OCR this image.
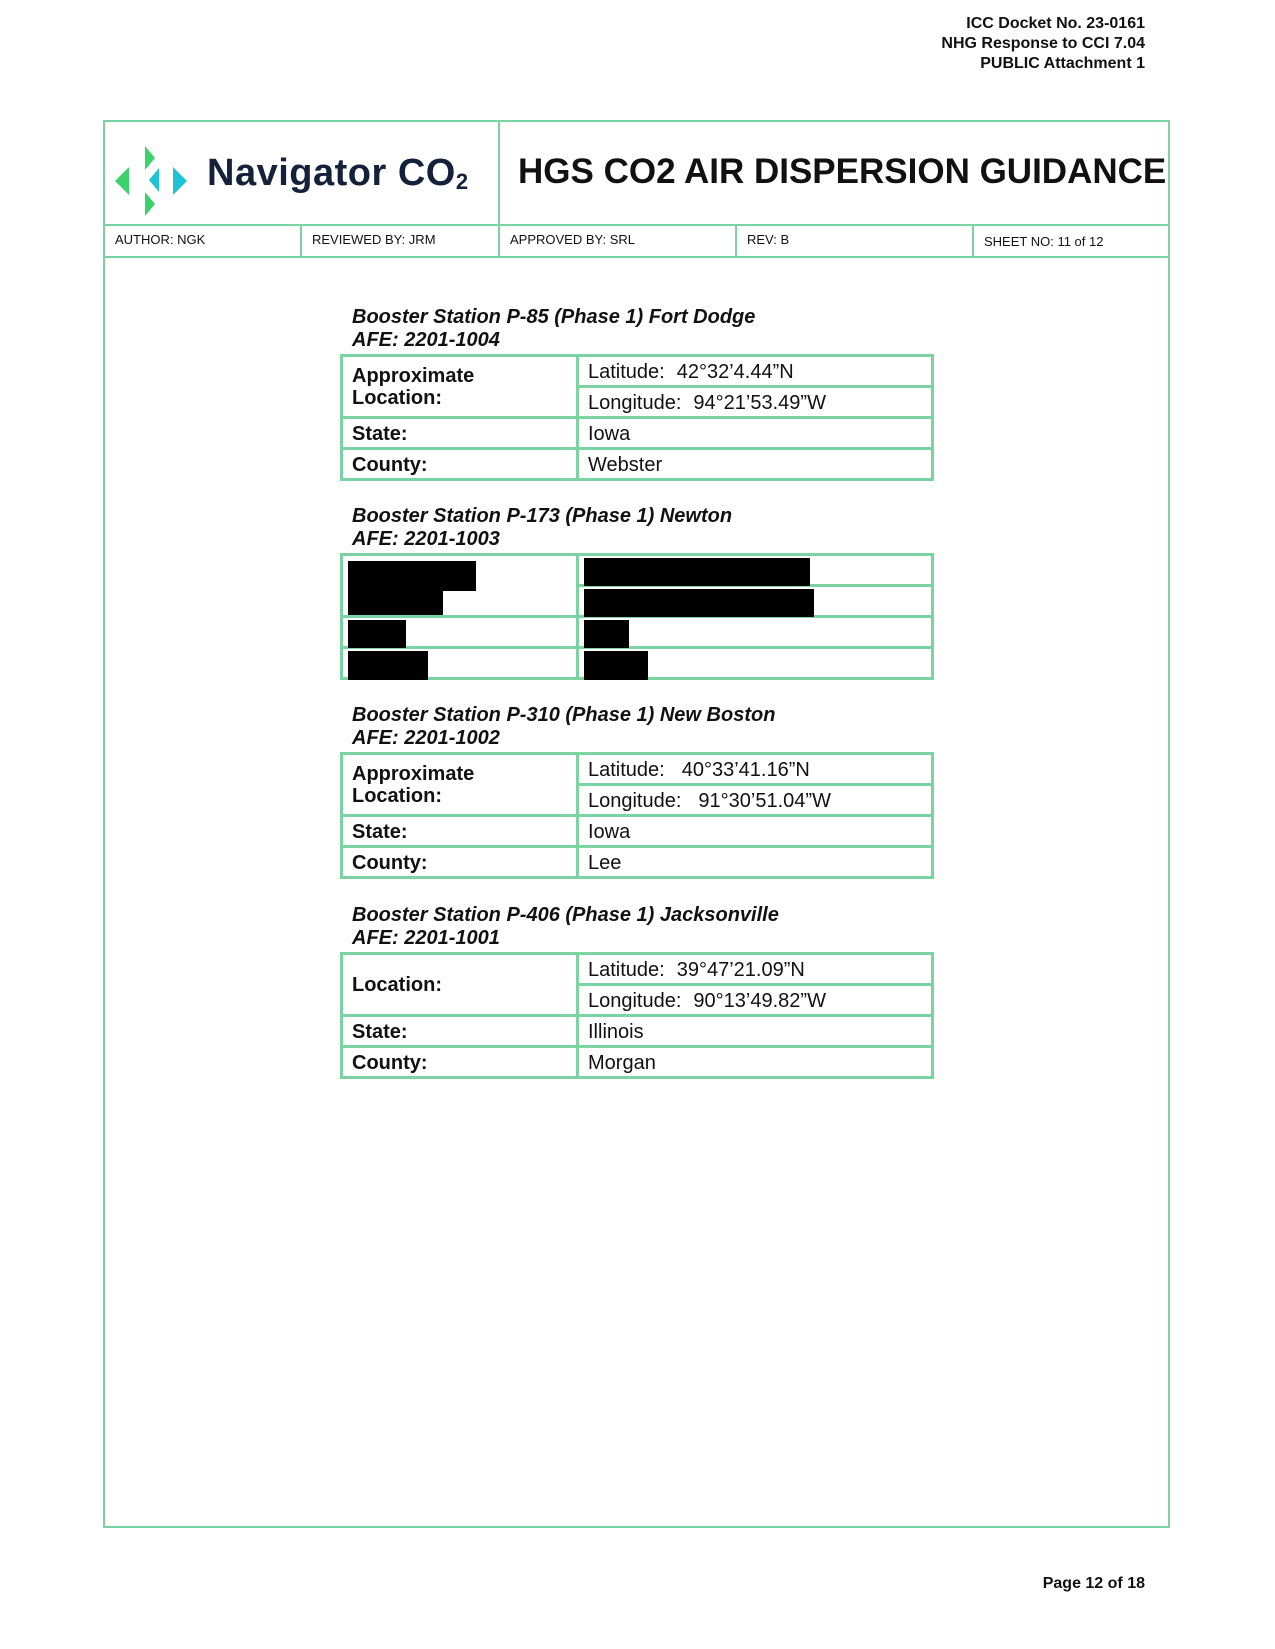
ICC Docket No. 23-0161
NHG Response to CCI 7.04
PUBLIC Attachment 1
Navigator $CO_2$ HGS CO2 AIR DISPERSION GUIDANCE
AUTHOR: NGK	REVIEWED BY: JRM	APPROVED BY: SRL	REV: B	SHEET NO: 11 of 12
Booster Station P-85 (Phase 1) Fort Dodge
AFE: 2201-1004
Approximate
Location:	Latitude: 42°32’4.44”N
	Longitude: 94°21’53.49”W
State:	Iowa
County:	Webster
Booster Station P-173 (Phase 1) Newton
AFE: 2201-1003

Booster Station P-310 (Phase 1) New Boston
AFE: 2201-1002
Approximate
Location:	Latitude: 40°33’41.16”N
	Longitude: 91°30’51.04”W
State:	Iowa
County:	Lee
Booster Station P-406 (Phase 1) Jacksonville
AFE: 2201-1001
Location:	Latitude: 39°47’21.09”N
	Longitude: 90°13’49.82”W
State:	Illinois
County:	Morgan
Page 12 of 18
